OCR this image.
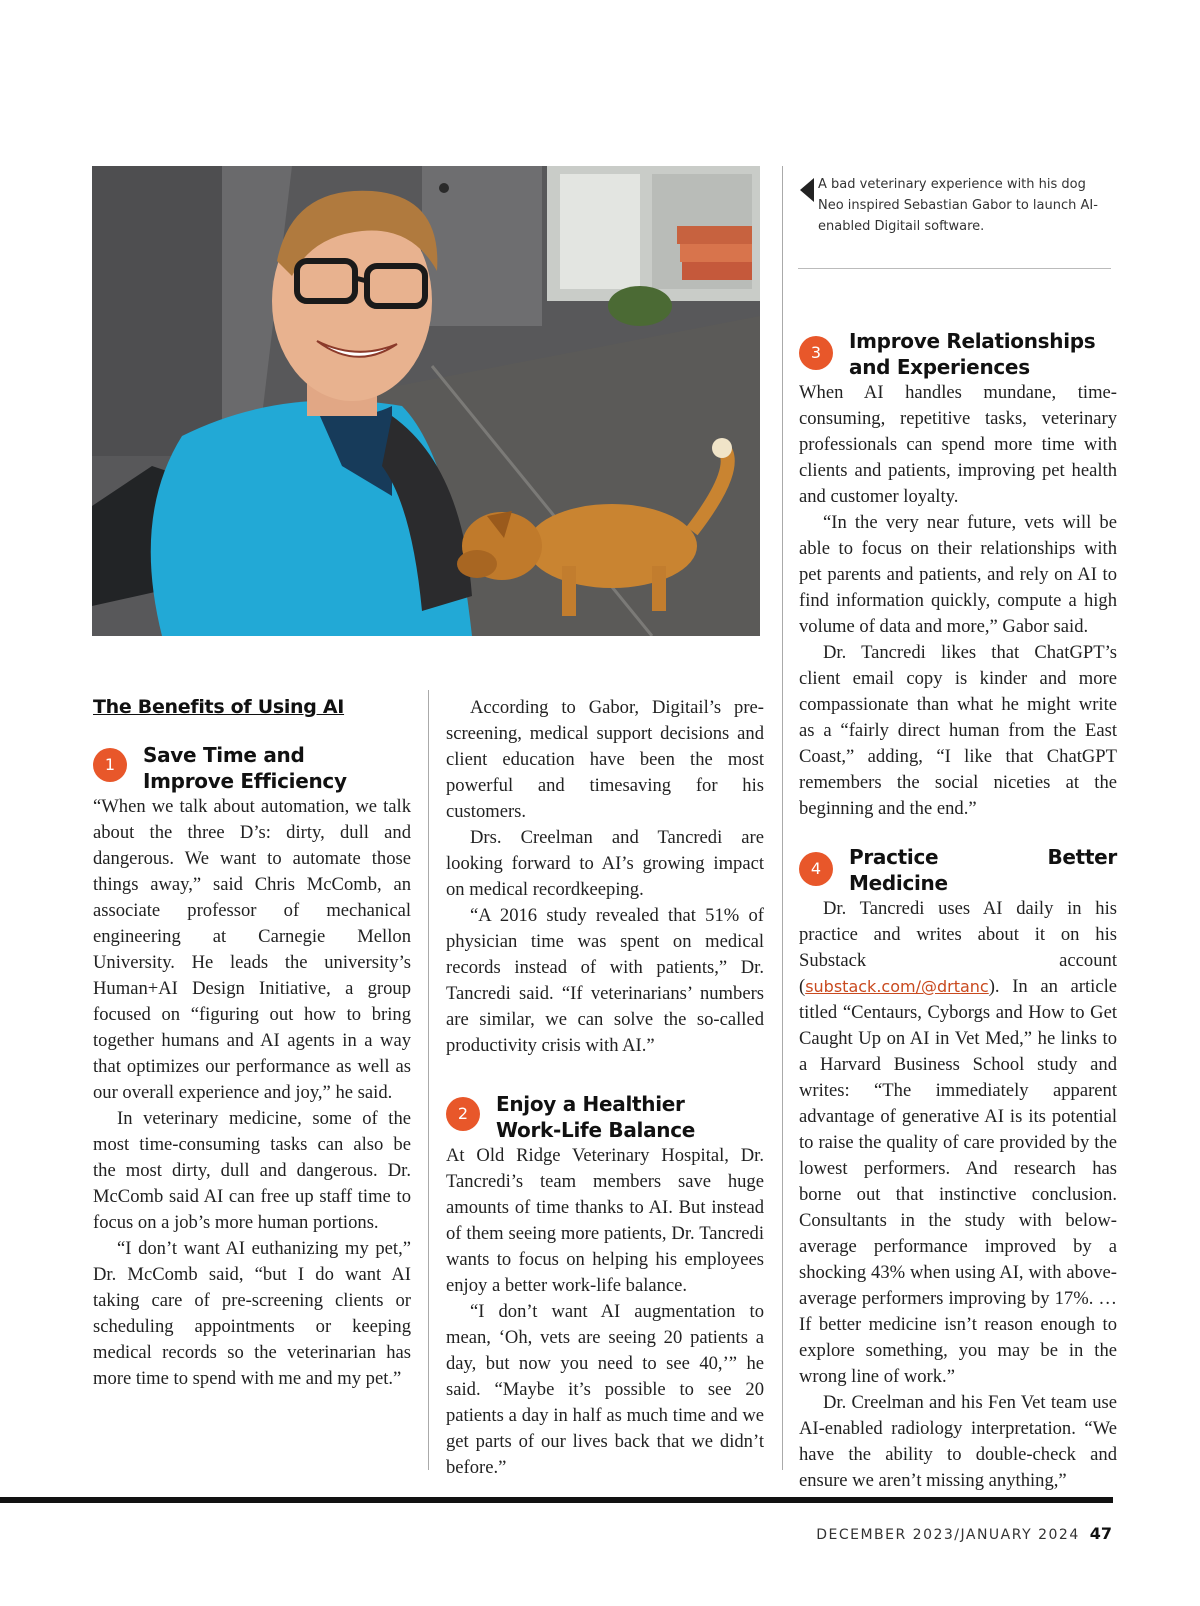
A bad veterinary experience with his dog Neo inspired Sebastian Gabor to launch AI-enabled Digitail software.
The Benefits of Using AI
1	Save Time and
Improve Efficiency

“When we talk about automation, we talk about the three D’s: dirty, dull and dangerous. We want to automate those things away,” said Chris McComb, an associate professor of mechanical engineering at Carnegie Mellon University. He leads the university’s Human+AI Design Initiative, a group focused on “figuring out how to bring together humans and AI agents in a way that optimizes our performance as well as our overall experience and joy,” he said.

In veterinary medicine, some of the most time-consuming tasks can also be the most dirty, dull and dangerous. Dr. McComb said AI can free up staff time to focus on a job’s more human portions.

“I don’t want AI euthanizing my pet,” Dr. McComb said, “but I do want AI taking care of pre-screening clients or scheduling appointments or keeping medical records so the veterinarian has more time to spend with me and my pet.”

According to Gabor, Digitail’s pre-screening, medical support decisions and client education have been the most powerful and timesaving for his customers.

Drs. Creelman and Tancredi are looking forward to AI’s growing impact on medical recordkeeping.

“A 2016 study revealed that 51% of physician time was spent on medical records instead of with patients,” Dr. Tancredi said. “If veterinarians’ numbers are similar, we can solve the so-called productivity crisis with AI.”

2	Enjoy a Healthier
Work-Life Balance

At Old Ridge Veterinary Hospital, Dr. Tancredi’s team members save huge amounts of time thanks to AI. But instead of them seeing more patients, Dr. Tancredi wants to focus on helping his employees enjoy a better work-life balance.

“I don’t want AI augmentation to mean, ‘Oh, vets are seeing 20 patients a day, but now you need to see 40,’” he said. “Maybe it’s possible to see 20 patients a day in half as much time and we get parts of our lives back that we didn’t before.”

3	Improve Relationships
and Experiences

When AI handles mundane, time-consuming, repetitive tasks, veterinary professionals can spend more time with clients and patients, improving pet health and customer loyalty.

“In the very near future, vets will be able to focus on their relationships with pet parents and patients, and rely on AI to find information quickly, compute a high volume of data and more,” Gabor said.

Dr. Tancredi likes that ChatGPT’s client email copy is kinder and more compassionate than what he might write as a “fairly direct human from the East Coast,” adding, “I like that ChatGPT remembers the social niceties at the beginning and the end.”

4	Practice Better Medicine

Dr. Tancredi uses AI daily in his practice and writes about it on his Substack account (substack.com/@drtanc). In an article titled “Centaurs, Cyborgs and How to Get Caught Up on AI in Vet Med,” he links to a Harvard Business School study and writes: “The immediately apparent advantage of generative AI is its potential to raise the quality of care provided by the lowest performers. And research has borne out that instinctive conclusion. Consultants in the study with below-average performance improved by a shocking 43% when using AI, with above-average performers improving by 17%. … If better medicine isn’t reason enough to explore something, you may be in the wrong line of work.”

Dr. Creelman and his Fen Vet team use AI-enabled radiology interpretation. “We have the ability to double-check and ensure we aren’t missing anything,”

DECEMBER 2023/JANUARY 2024 47
